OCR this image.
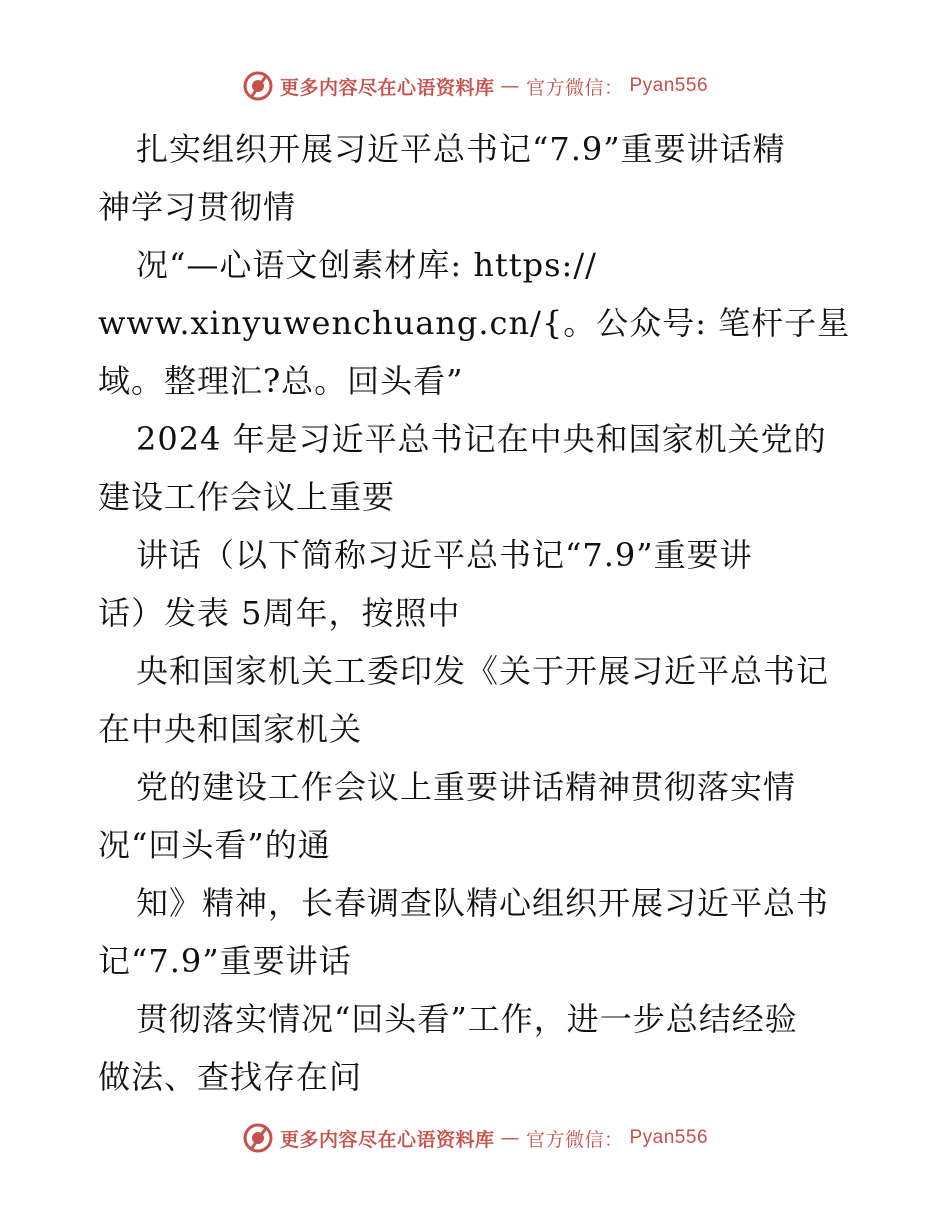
更多内容尽在心语资料库 — 官方微信： Pyan556
扎实组织开展习近平总书记“7.9”重要讲话精
神学习贯彻情
况“—心语文创素材库: https://
www.xinyuwenchuang.cn/{。公众号: 笔杆子星
域。整理汇?总。回头看”
2024 年是习近平总书记在中央和国家机关党的
建设工作会议上重要
讲话（以下简称习近平总书记“7.9”重要讲
话）发表 5周年，按照中
央和国家机关工委印发《关于开展习近平总书记
在中央和国家机关
党的建设工作会议上重要讲话精神贯彻落实情
况“回头看”的通
知》精神，长春调查队精心组织开展习近平总书
记“7.9”重要讲话
贯彻落实情况“回头看”工作，进一步总结经验
做法、查找存在问
更多内容尽在心语资料库 — 官方微信： Pyan556
